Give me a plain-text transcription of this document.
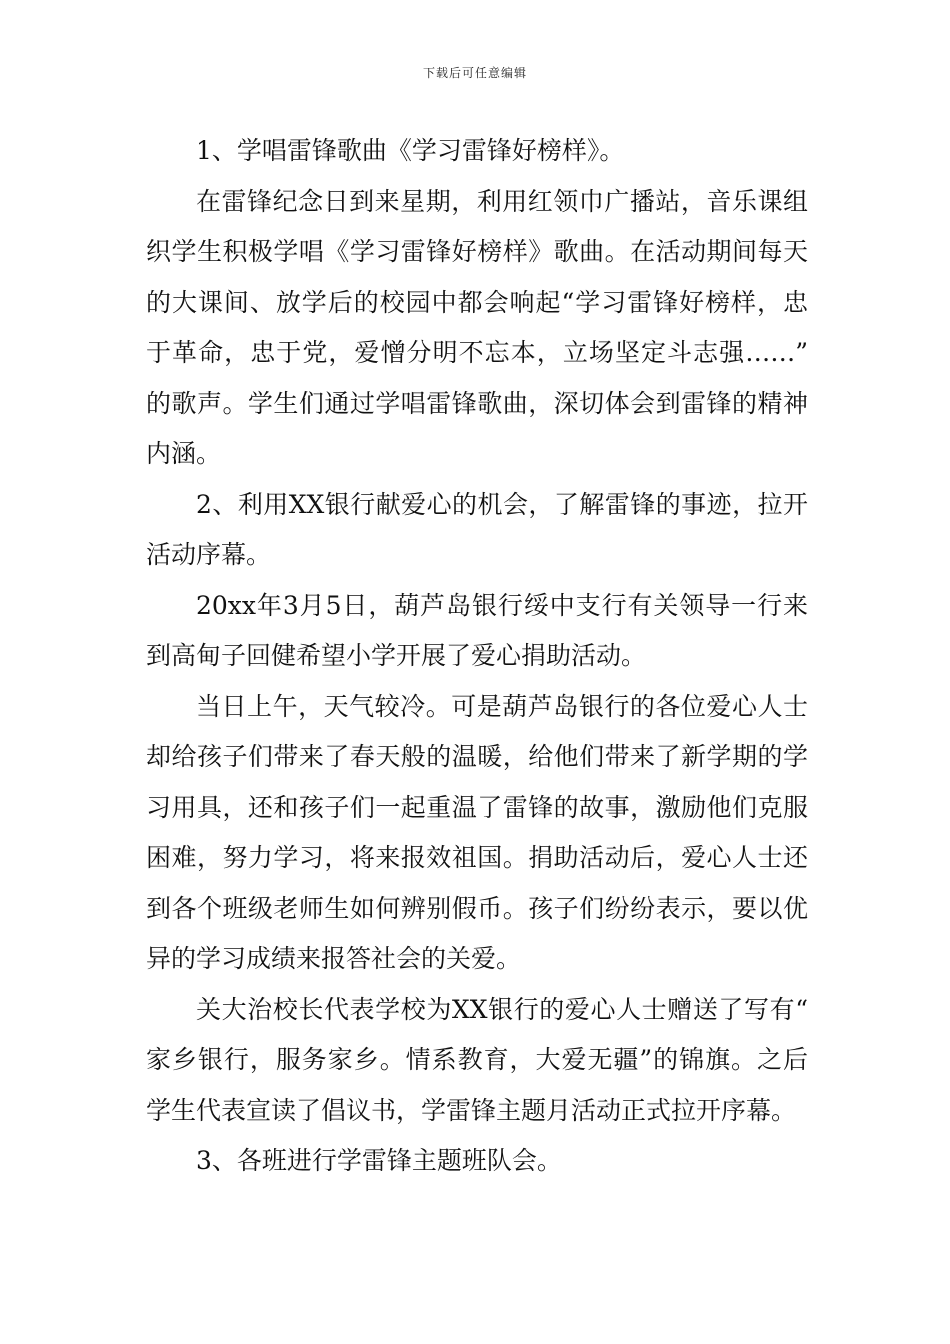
下载后可任意编辑

1、学唱雷锋歌曲《学习雷锋好榜样》。

在雷锋纪念日到来星期，利用红领巾广播站，音乐课组织学生积极学唱《学习雷锋好榜样》歌曲。在活动期间每天的大课间、放学后的校园中都会响起“学习雷锋好榜样，忠于革命，忠于党，爱憎分明不忘本，立场坚定斗志强……”的歌声。学生们通过学唱雷锋歌曲，深切体会到雷锋的精神内涵。

2、利用XX银行献爱心的机会，了解雷锋的事迹，拉开活动序幕。

20xx年3月5日，葫芦岛银行绥中支行有关领导一行来到高甸子回健希望小学开展了爱心捐助活动。

当日上午，天气较冷。可是葫芦岛银行的各位爱心人士却给孩子们带来了春天般的温暖，给他们带来了新学期的学习用具，还和孩子们一起重温了雷锋的故事，激励他们克服困难，努力学习，将来报效祖国。捐助活动后，爱心人士还到各个班级老师生如何辨别假币。孩子们纷纷表示，要以优异的学习成绩来报答社会的关爱。

关大治校长代表学校为XX银行的爱心人士赠送了写有“家乡银行，服务家乡。情系教育，大爱无疆”的锦旗。之后学生代表宣读了倡议书，学雷锋主题月活动正式拉开序幕。

3、各班进行学雷锋主题班队会。
